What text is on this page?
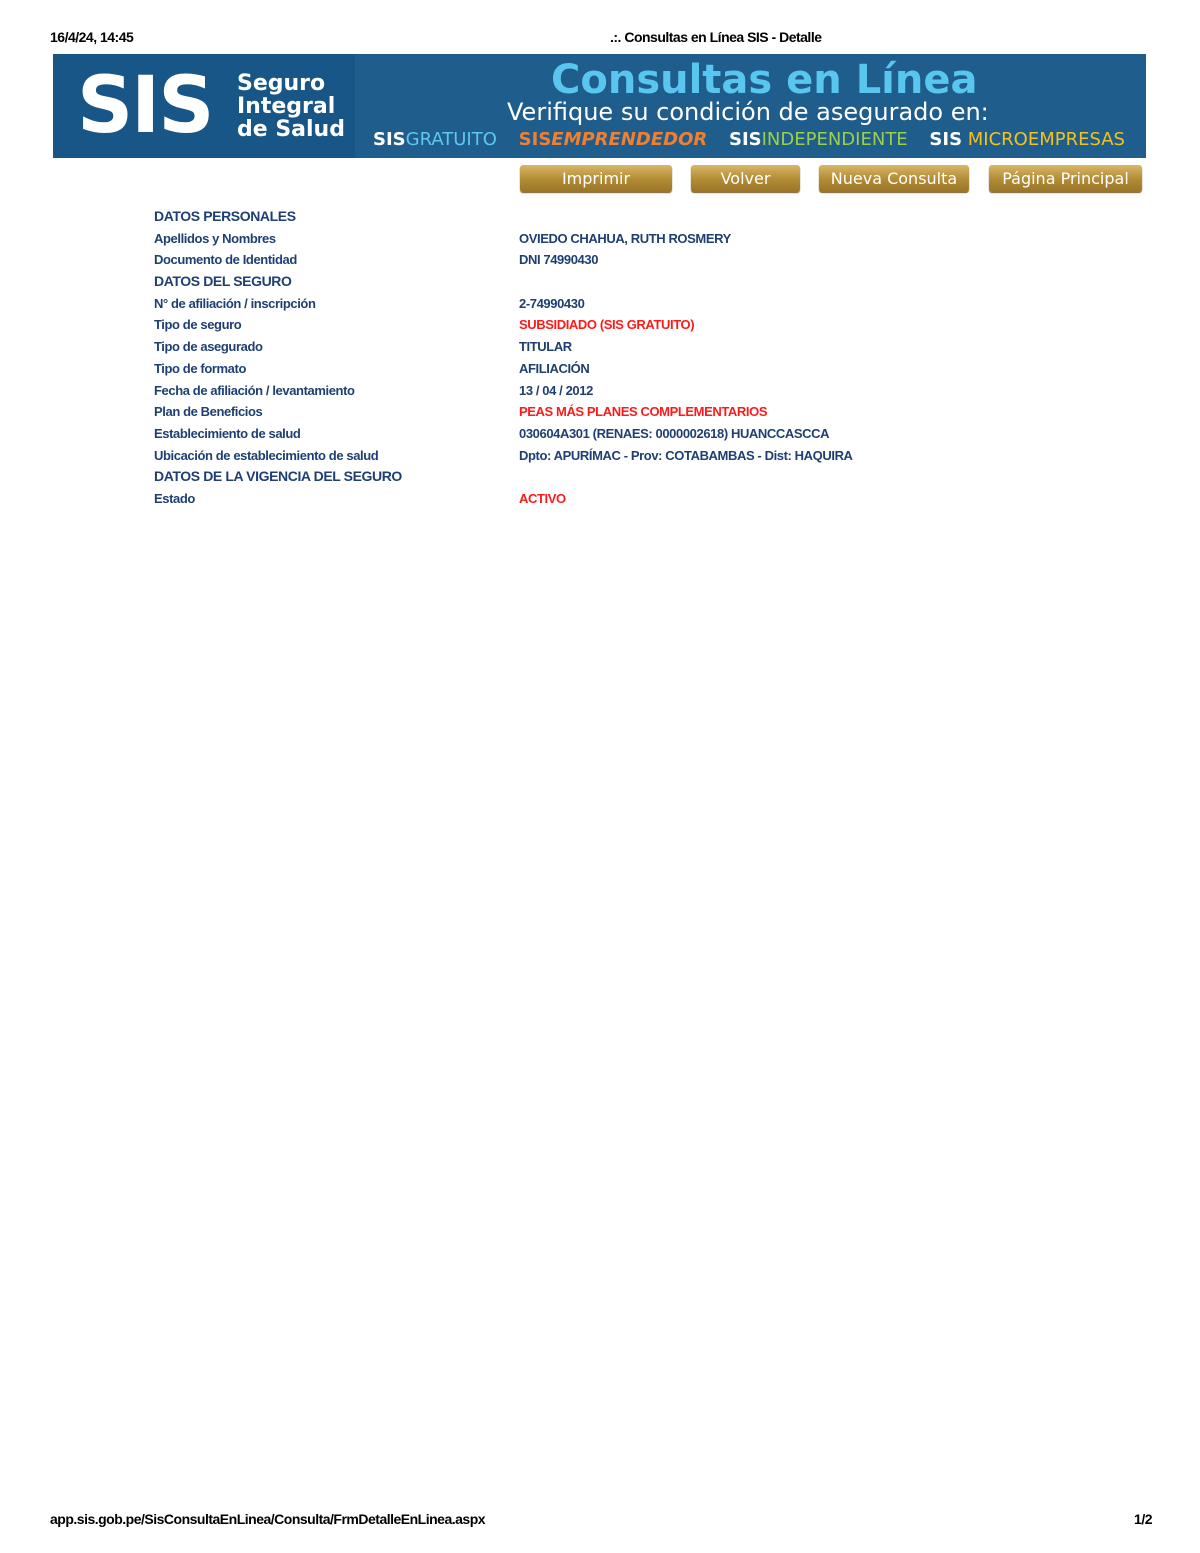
16/4/24, 14:45	.:. Consultas en Línea SIS - Detalle
SIS Seguro
Integral
de Salud
Consultas en Línea
Verifique su condición de asegurado en:
SISGRATUITO SISEMPRENDEDOR SISINDEPENDIENTE SIS MICROEMPRESAS
Imprimir	Volver	Nueva Consulta	Página Principal
DATOS PERSONALES
Apellidos y Nombres	OVIEDO CHAHUA, RUTH ROSMERY
Documento de Identidad	DNI 74990430
DATOS DEL SEGURO
N° de afiliación / inscripción	2-74990430
Tipo de seguro	SUBSIDIADO (SIS GRATUITO)
Tipo de asegurado	TITULAR
Tipo de formato	AFILIACIÓN
Fecha de afiliación / levantamiento	13 / 04 / 2012
Plan de Beneficios	PEAS MÁS PLANES COMPLEMENTARIOS
Establecimiento de salud	030604A301 (RENAES: 0000002618) HUANCCASCCA
Ubicación de establecimiento de salud	Dpto: APURÍMAC - Prov: COTABAMBAS - Dist: HAQUIRA
DATOS DE LA VIGENCIA DEL SEGURO
Estado	ACTIVO
app.sis.gob.pe/SisConsultaEnLinea/Consulta/FrmDetalleEnLinea.aspx	1/2
